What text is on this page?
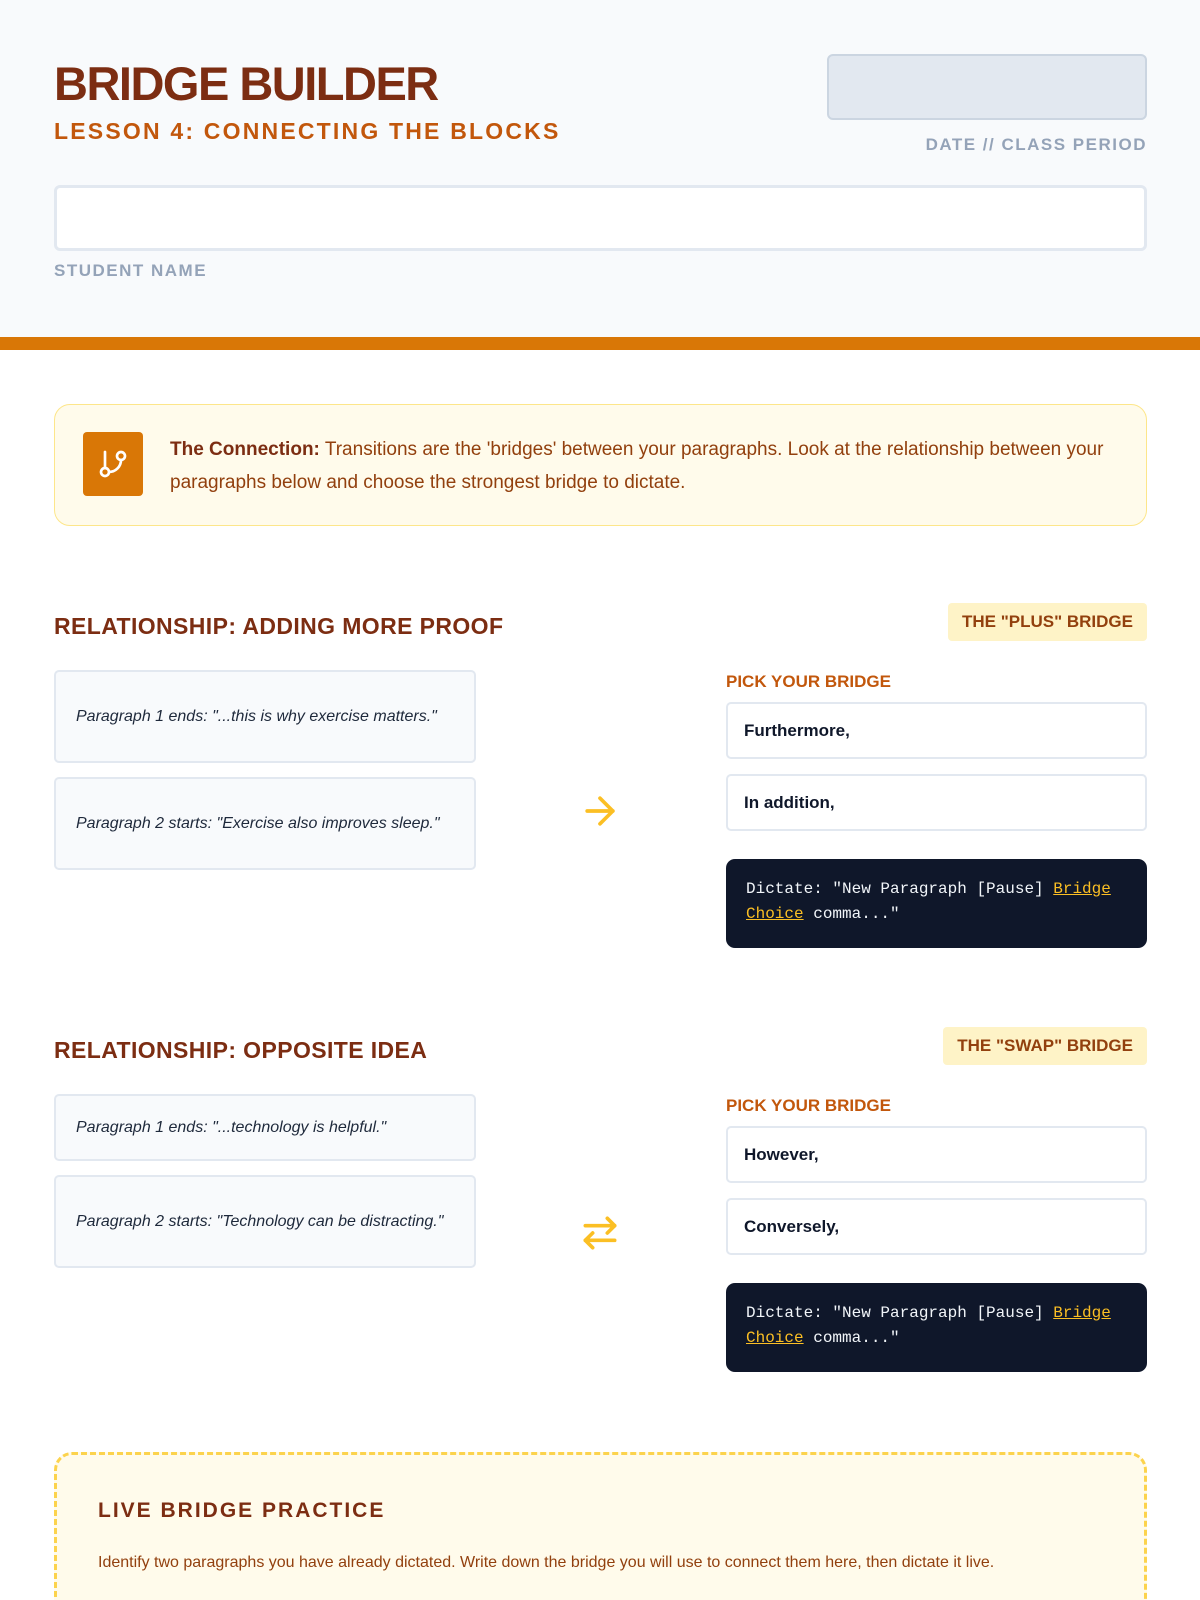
BRIDGE BUILDER
LESSON 4: CONNECTING THE BLOCKS
DATE // CLASS PERIOD
STUDENT NAME
The Connection: Transitions are the 'bridges' between your paragraphs. Look at the relationship between your paragraphs below and choose the strongest bridge to dictate.
RELATIONSHIP: ADDING MORE PROOF	THE "PLUS" BRIDGE
Paragraph 1 ends: "...this is why exercise matters."
Paragraph 2 starts: "Exercise also improves sleep."
PICK YOUR BRIDGE
Furthermore,
In addition,
Dictate: "New Paragraph [Pause] Bridge Choice comma..."
RELATIONSHIP: OPPOSITE IDEA	THE "SWAP" BRIDGE
Paragraph 1 ends: "...technology is helpful."
Paragraph 2 starts: "Technology can be distracting."
PICK YOUR BRIDGE
However,
Conversely,
Dictate: "New Paragraph [Pause] Bridge Choice comma..."
LIVE BRIDGE PRACTICE
Identify two paragraphs you have already dictated. Write down the bridge you will use to connect them here, then dictate it live.
